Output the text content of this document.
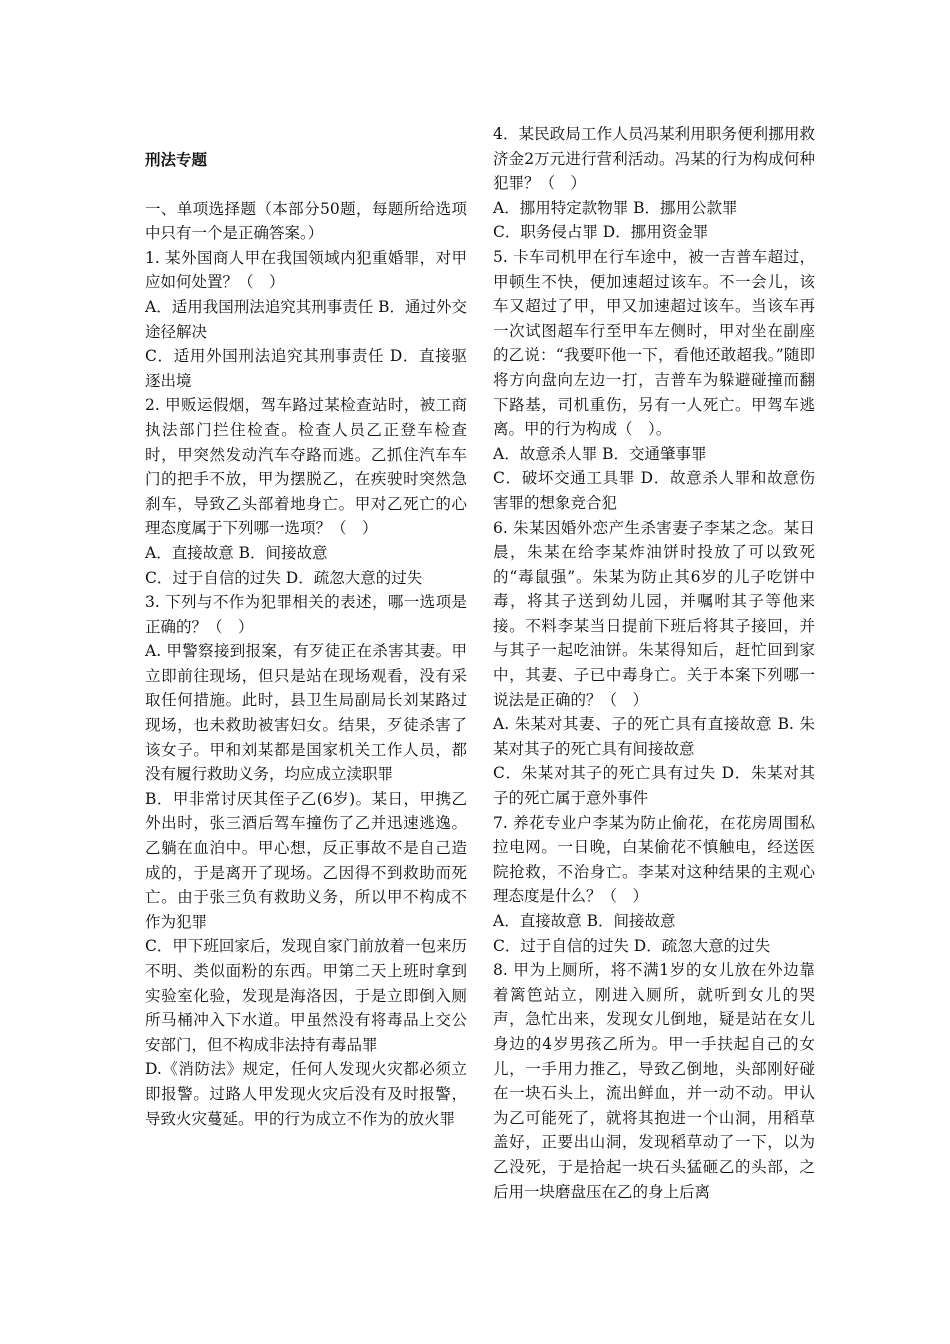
刑法专题

一、单项选择题（本部分50题，每题所给选项中只有一个是正确答案。）

1. 某外国商人甲在我国领域内犯重婚罪，对甲应如何处置？（　）

A．适用我国刑法追究其刑事责任 B．通过外交途径解决

C．适用外国刑法追究其刑事责任 D．直接驱逐出境

2. 甲贩运假烟，驾车路过某检查站时，被工商执法部门拦住检查。检查人员乙正登车检查时，甲突然发动汽车夺路而逃。乙抓住汽车车门的把手不放，甲为摆脱乙，在疾驶时突然急刹车，导致乙头部着地身亡。甲对乙死亡的心理态度属于下列哪一选项？（　）

A．直接故意 B．间接故意

C．过于自信的过失 D．疏忽大意的过失

3. 下列与不作为犯罪相关的表述，哪一选项是正确的？（　）

A. 甲警察接到报案，有歹徒正在杀害其妻。甲立即前往现场，但只是站在现场观看，没有采取任何措施。此时，县卫生局副局长刘某路过现场，也未救助被害妇女。结果，歹徒杀害了该女子。甲和刘某都是国家机关工作人员，都没有履行救助义务，均应成立渎职罪

B．甲非常讨厌其侄子乙(6岁)。某日，甲携乙外出时，张三酒后驾车撞伤了乙并迅速逃逸。乙躺在血泊中。甲心想，反正事故不是自己造成的，于是离开了现场。乙因得不到救助而死亡。由于张三负有救助义务，所以甲不构成不作为犯罪

C．甲下班回家后，发现自家门前放着一包来历不明、类似面粉的东西。甲第二天上班时拿到实验室化验，发现是海洛因，于是立即倒入厕所马桶冲入下水道。甲虽然没有将毒品上交公安部门，但不构成非法持有毒品罪

D.《消防法》规定，任何人发现火灾都必须立即报警。过路人甲发现火灾后没有及时报警，导致火灾蔓延。甲的行为成立不作为的放火罪

4．某民政局工作人员冯某利用职务便利挪用救济金2万元进行营利活动。冯某的行为构成何种犯罪？（　）

A．挪用特定款物罪 B．挪用公款罪

C．职务侵占罪 D．挪用资金罪

5. 卡车司机甲在行车途中，被一吉普车超过，甲顿生不快，便加速超过该车。不一会儿，该车又超过了甲，甲又加速超过该车。当该车再一次试图超车行至甲车左侧时，甲对坐在副座的乙说：“我要吓他一下，看他还敢超我。”随即将方向盘向左边一打，吉普车为躲避碰撞而翻下路基，司机重伤，另有一人死亡。甲驾车逃离。甲的行为构成（　）。

A．故意杀人罪 B．交通肇事罪

C．破坏交通工具罪 D．故意杀人罪和故意伤害罪的想象竞合犯

6. 朱某因婚外恋产生杀害妻子李某之念。某日晨，朱某在给李某炸油饼时投放了可以致死的“毒鼠强”。朱某为防止其6岁的儿子吃饼中毒，将其子送到幼儿园，并嘱咐其子等他来接。不料李某当日提前下班后将其子接回，并与其子一起吃油饼。朱某得知后，赶忙回到家中，其妻、子已中毒身亡。关于本案下列哪一说法是正确的？（　）

A. 朱某对其妻、子的死亡具有直接故意 B. 朱某对其子的死亡具有间接故意

C．朱某对其子的死亡具有过失 D．朱某对其子的死亡属于意外事件

7. 养花专业户李某为防止偷花，在花房周围私拉电网。一日晚，白某偷花不慎触电，经送医院抢救，不治身亡。李某对这种结果的主观心理态度是什么？（　）

A．直接故意 B．间接故意

C．过于自信的过失 D．疏忽大意的过失

8. 甲为上厕所，将不满1岁的女儿放在外边靠着篱笆站立，刚进入厕所，就听到女儿的哭声，急忙出来，发现女儿倒地，疑是站在女儿身边的4岁男孩乙所为。甲一手扶起自己的女儿，一手用力推乙，导致乙倒地，头部刚好碰在一块石头上，流出鲜血，并一动不动。甲认为乙可能死了，就将其抱进一个山洞，用稻草盖好，正要出山洞，发现稻草动了一下，以为乙没死，于是拾起一块石头猛砸乙的头部，之后用一块磨盘压在乙的身上后离
